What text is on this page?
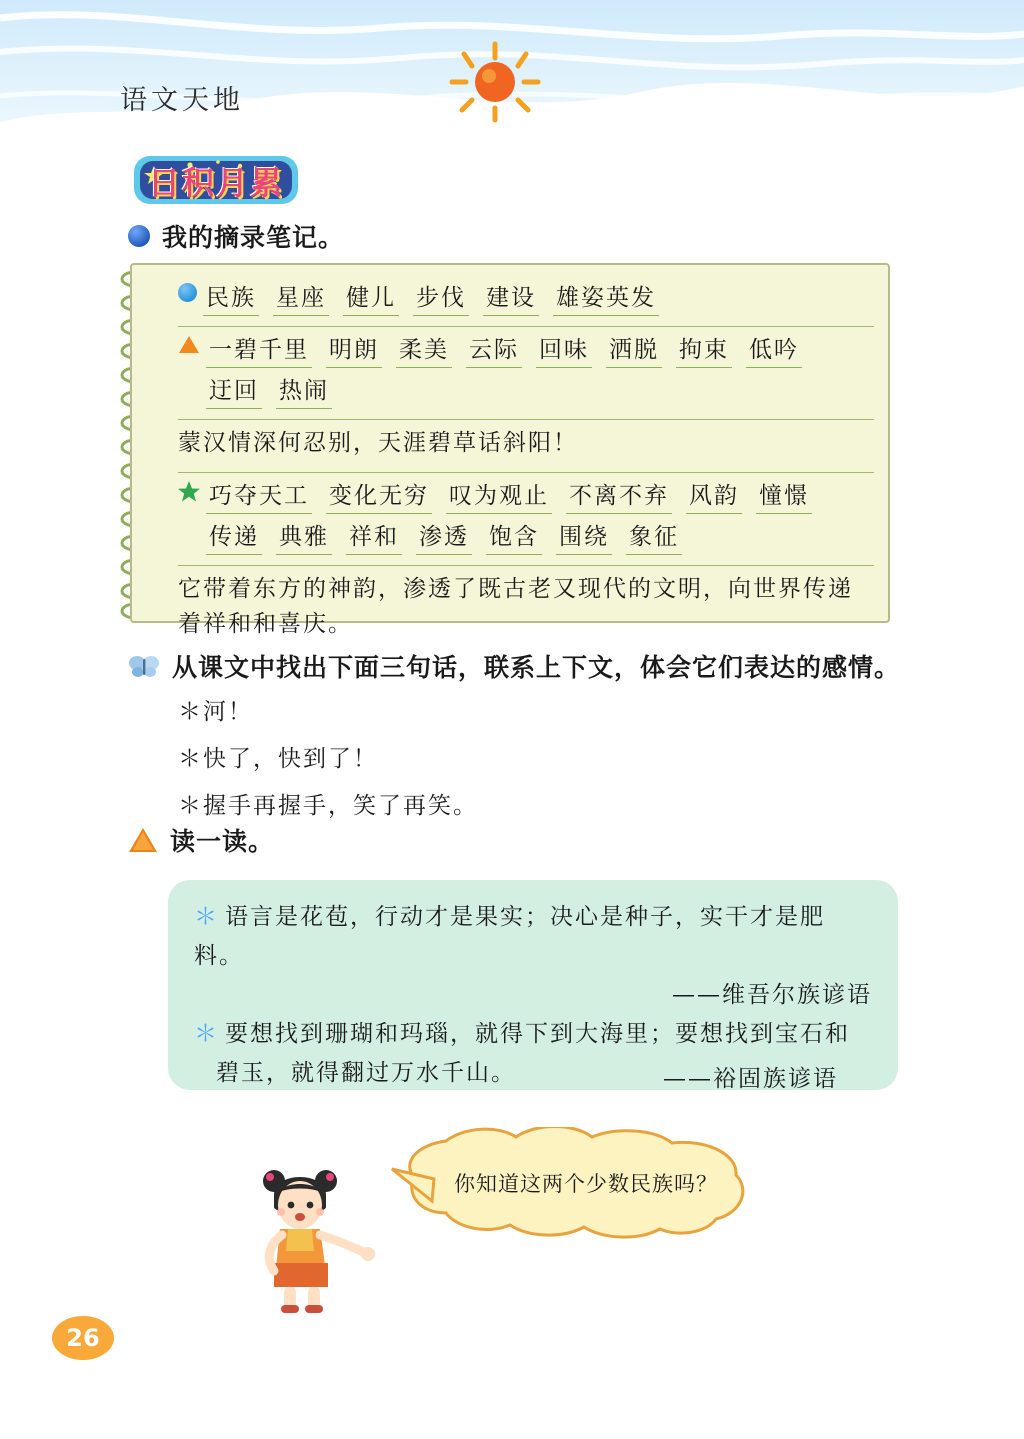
语文天地
日积月累
我的摘录笔记。
民族 星座 健儿 步伐 建设 雄姿英发
一碧千里 明朗 柔美 云际 回味 洒脱 拘束 低吟
迂回 热闹
蒙汉情深何忍别，天涯碧草话斜阳！
巧夺天工 变化无穷 叹为观止 不离不弃 风韵 憧憬
传递 典雅 祥和 渗透 饱含 围绕 象征
它带着东方的神韵，渗透了既古老又现代的文明，向世界传递着祥和和喜庆。
从课文中找出下面三句话，联系上下文，体会它们表达的感情。
＊河！
＊快了，快到了！
＊握手再握手，笑了再笑。
读一读。
＊ 语言是花苞，行动才是果实；决心是种子，实干才是肥料。
——维吾尔族谚语
＊ 要想找到珊瑚和玛瑙，就得下到大海里；要想找到宝石和
碧玉，就得翻过万水千山。	——裕固族谚语
你知道这两个少数民族吗？
26
